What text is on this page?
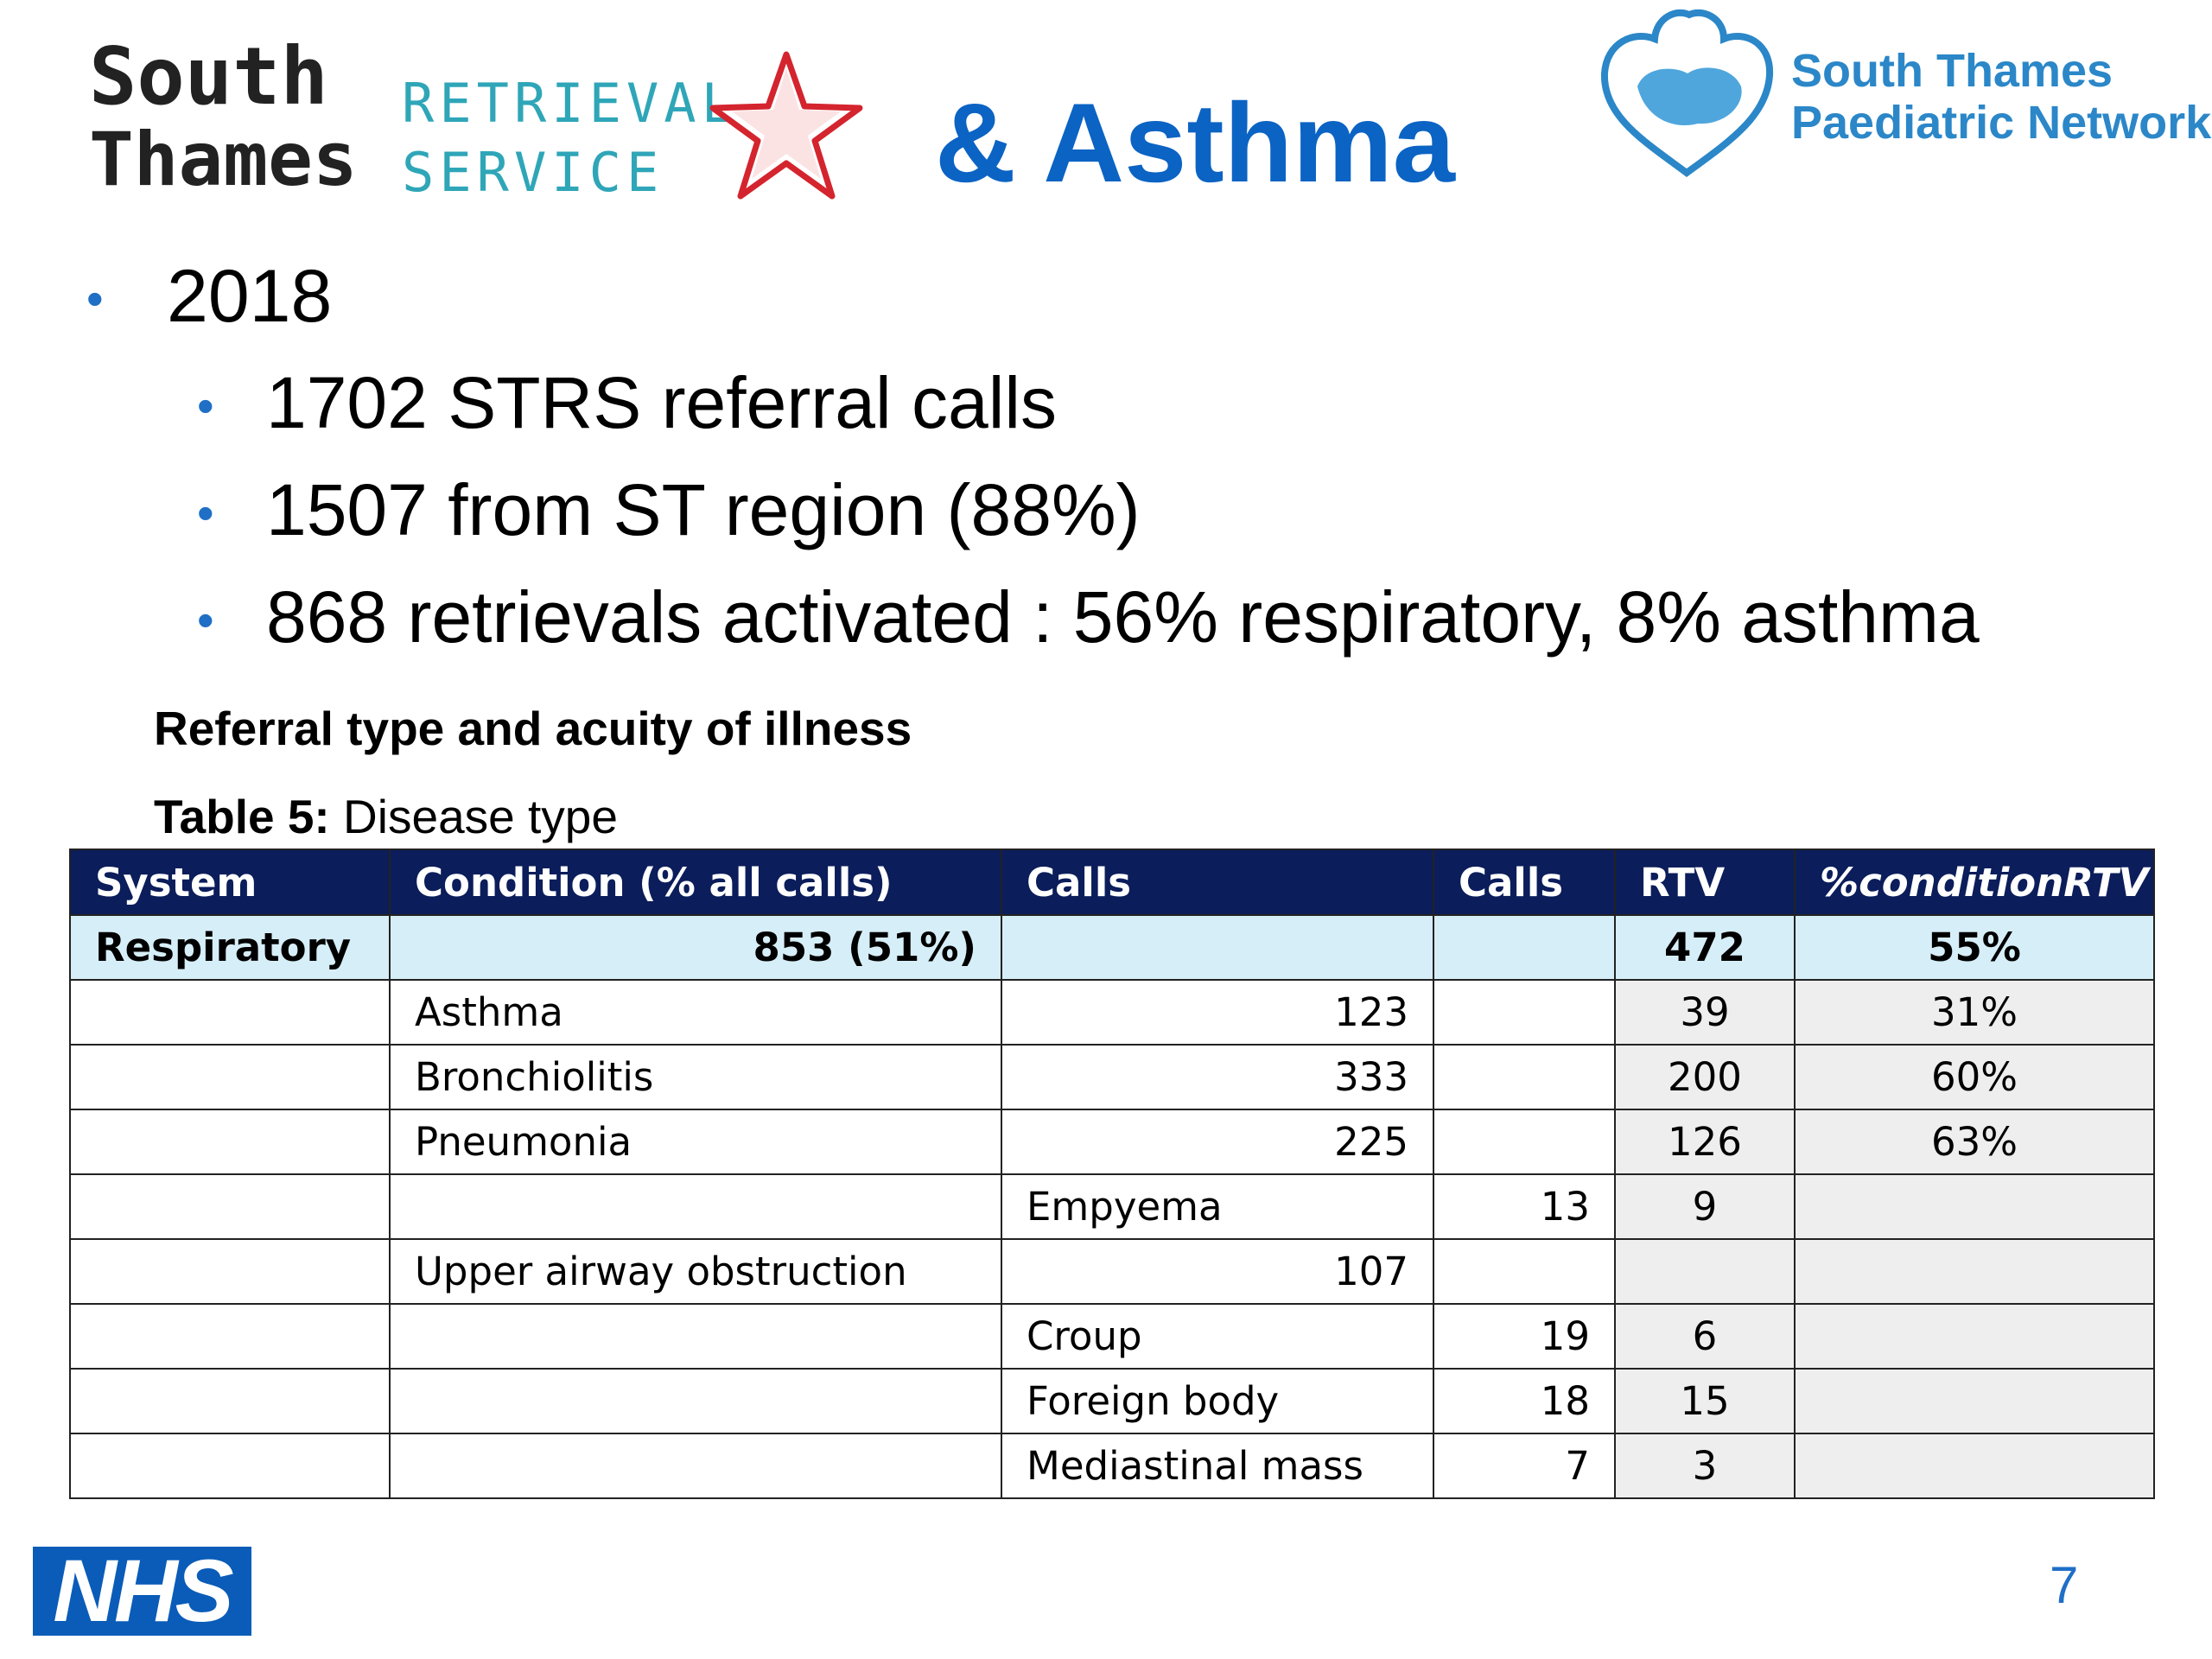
South
Thames
RETRIEVAL
SERVICE & Asthma
South Thames
Paediatric Network
• 2018
• 1702 STRS referral calls
• 1507 from ST region (88%)
• 868 retrievals activated : 56% respiratory, 8% asthma
Referral type and acuity of illness
Table 5: Disease type
System	Condition (% all calls)	Calls	Calls	RTV	%conditionRTV
Respiratory	853 (51%)			472	55%
	Asthma	123		39	31%
	Bronchiolitis	333		200	60%
	Pneumonia	225		126	63%
		Empyema	13	9	
	Upper airway obstruction	107			
		Croup	19	6	
		Foreign body	18	15	
		Mediastinal mass	7	3	
NHS	7
